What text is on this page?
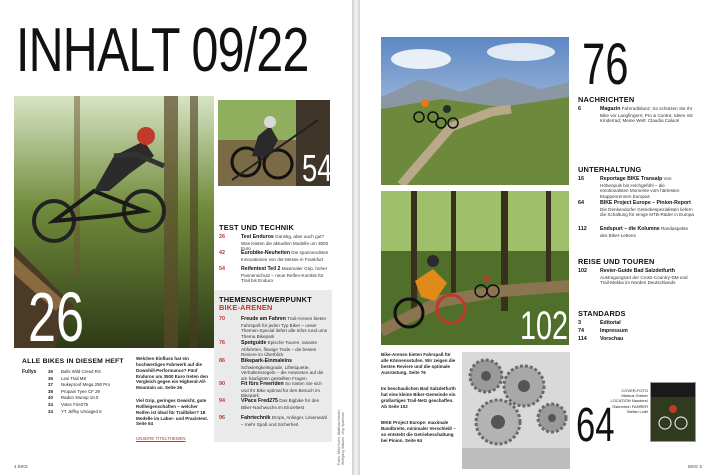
INHALT 09/22
26
54
TEST UND TECHNIK
26	Test Enduros Günstig, aber auch gut? Was leisten die aktuellen Modelle um 3500 Euro
42	Eurobike-Neuheiten Die spannendsten Innovationen von der Messe in Frankfurt
54	Reifentest Teil 2 Maximaler Grip, hoher Pannenschutz – neue Reifen-Kombis für Trail bis Enduro
THEMENSCHWERPUNKT
BIKE-ARENEN
70	Freude am Fahren Trail-Arenen bieten Fahrspaß für jeden Typ Biker – unser Themen-Special liefert alle Infos rund ums Thema Bikepark
76	Spotguide Epische Touren, rasante Abfahrten, flowige Trails – die besten Reviere im Überblick
86	Bikepark-Einmaleins Schwierigkeitsgrade, Liftetiquette, Verhaltensregeln – die Antworten auf die am häufigsten gestellten Fragen
90	Fit fürs Freeriden So rüsten Sie sich und Ihr Bike optimal für den Besuch im Bikepark
94	VPace Fred275 Das Bigbike für den Biker-Nachwuchs im Einzeltest
96	Fahrtechnik Drops, Anlieger, Linienwahl – mehr Spaß und Sicherheit
ALLE BIKES IN DIESEM HEFT
Fullys	35	Bulls Wild Creed RS
36	Lexi Trail M8
37	Nukeproof Mega 290 Pro
38	Propain Tyee CF 29
40	Radon Swoop 10.0
34	Votec Fire275
34	YT Jeffsy Uncaged 6
Welchen Einfluss hat ein hochwertiges Fahrwerk auf die Downhill-Performance? Fünf Enduros um 3500 Euro treten den Vergleich gegen ein Highend-All-Mountain an. Seite 26
Viel Grip, geringes Gewicht, gute Rollleigenschaften – welcher Reifen ist ideal für Trailbiker? 18 Modelle im Labor- und Praxistest. Seite 54
UNSERE TITELTHEMEN	Fotos: Mike Kuhn, Matthias Hasler, Wolfgang Watzke, Jörg Spanholz
4 BIKE
76
102
Bike-Arenen bieten Fahrspaß für alle Könnensstufen. Wir zeigen die besten Reviere und die optimale Ausrüstung. Seite 76
Im beschaulichen Bad Salzdetfurth hat eine kleine Biker-Gemeinde ein großartiges Trail-Netz geschaffen. Ab Seite 102
BIKE Project Europe: maximale Bandbreite, minimaler Verschleiß – so entsteht die Getriebeschaltung bei Pinion. Seite 64	64
NACHRICHTEN
6	Magazin Fahrradbilanz: So schützen Sie Ihr Bike vor Langfingern; Pro & Contra: Ideen mit Kinderrad; Meine Welt: Claudia Caluori
UNTERHALTUNG
16	Reportage BIKE Transalp Von Höhenpuls bis Hochgefühl – die emotionalsten Momente vom härtesten Etappenrennen Europas
64	BIKE Project Europe – Pinion-Report Die Denkendorfer Getriebespezialisten liefern die Schaltung für einige MTB-Räder in Europa
112	Endspurt – die Kolumne Randaspekte des Biker-Lebens
REISE UND TOUREN
102	Revier-Guide Bad Salzdetfurth Austragungsort der Cross-Country-DM und Trail-Mekka im Norden Deutschlands
STANDARDS
3	Editorial
74	Impressum
114	Vorschau
COVER-FOTO Markus Greber LOCATION Nauders/ Österreich FAHRER Stefan Loibl
BIKE 5
